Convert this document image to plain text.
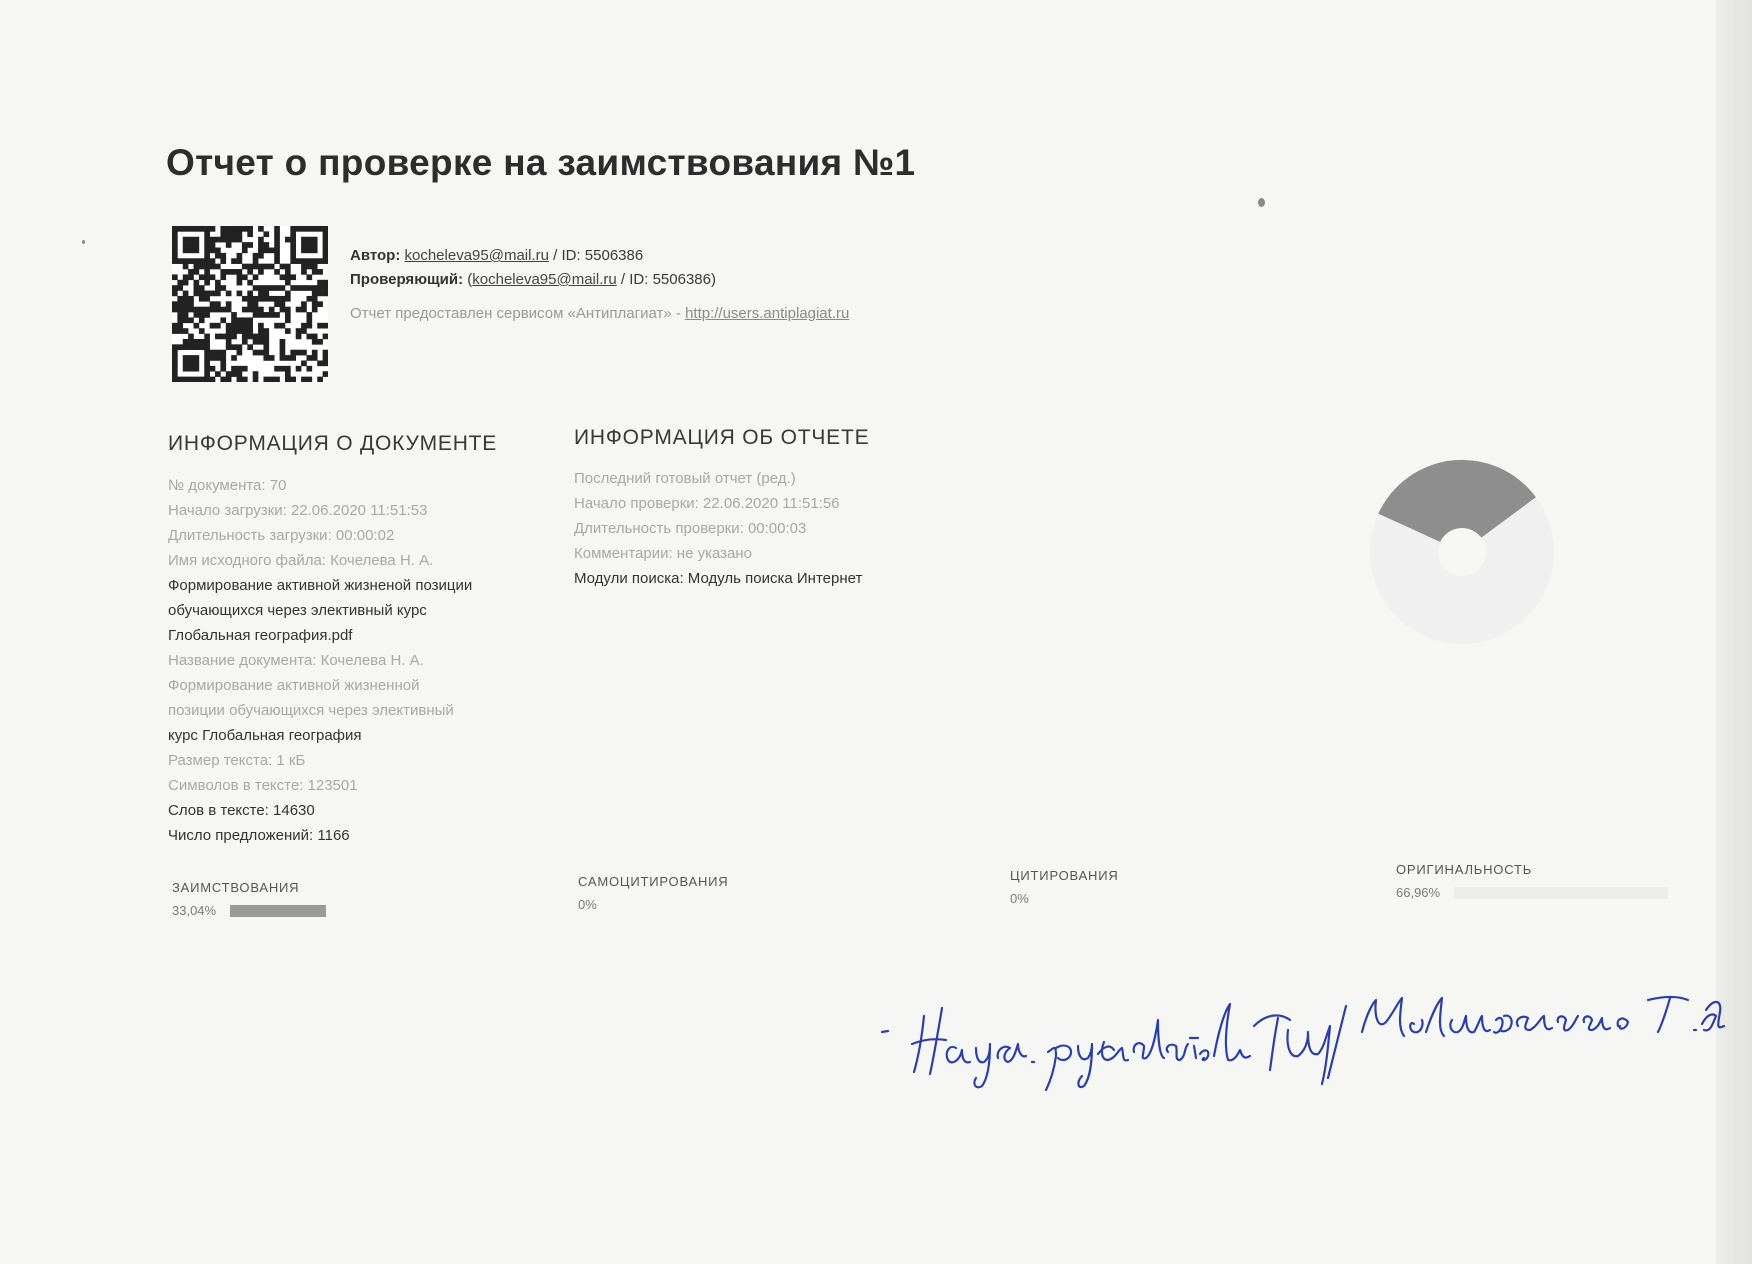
Отчет о проверке на заимствования №1
Автор: kocheleva95@mail.ru / ID: 5506386
Проверяющий: (kocheleva95@mail.ru / ID: 5506386)
Отчет предоставлен сервисом «Антиплагиат» - http://users.antiplagiat.ru
ИНФОРМАЦИЯ О ДОКУМЕНТЕ
№ документа: 70
Начало загрузки: 22.06.2020 11:51:53
Длительность загрузки: 00:00:02
Имя исходного файла: Кочелева Н. А.
Формирование активной жизненой позиции
обучающихся через элективный курс
Глобальная география.pdf
Название документа: Кочелева Н. А.
Формирование активной жизненной
позиции обучающихся через элективный
курс Глобальная география
Размер текста: 1 кБ
Символов в тексте: 123501
Слов в тексте: 14630
Число предложений: 1166
ИНФОРМАЦИЯ ОБ ОТЧЕТЕ
Последний готовый отчет (ред.)
Начало проверки: 22.06.2020 11:51:56
Длительность проверки: 00:00:03
Комментарии: не указано
Модули поиска: Модуль поиска Интернет
ЗАИМСТВОВАНИЯ
33,04%
САМОЦИТИРОВАНИЯ
0%
ЦИТИРОВАНИЯ
0%
ОРИГИНАЛЬНОСТЬ
66,96%
